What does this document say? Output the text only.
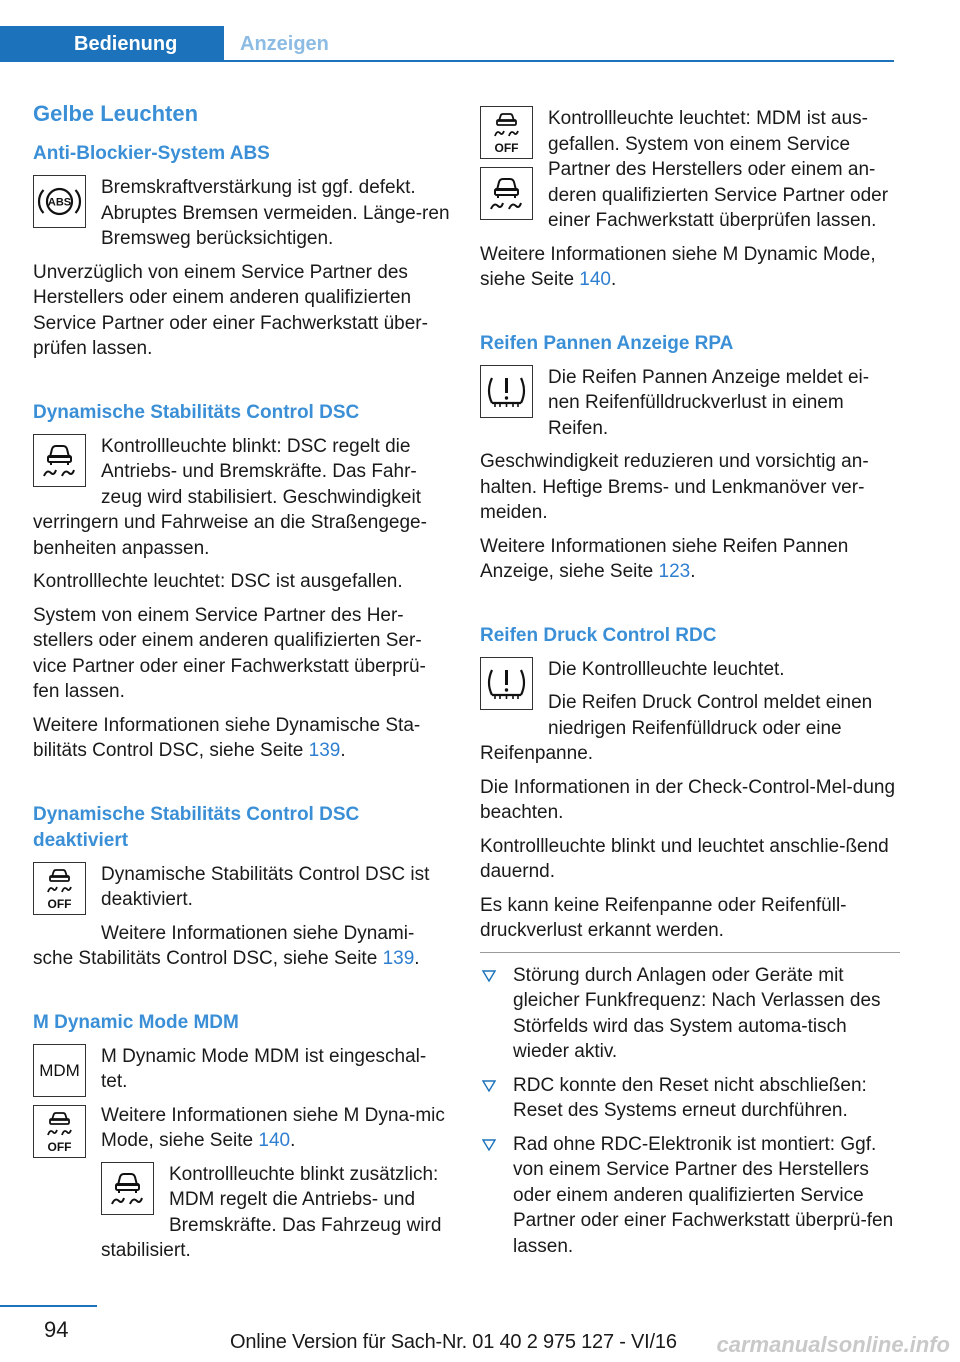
Bedienung	Anzeigen
Gelbe Leuchten
Anti-Blockier-System ABS
ABS

Bremskraftverstärkung ist ggf. defekt. Abruptes Bremsen vermeiden. Länge-ren Bremsweg berücksichtigen.

Unverzüglich von einem Service Partner des Herstellers oder einem anderen qualifizierten Service Partner oder einer Fachwerkstatt über-prüfen lassen.

Dynamische Stabilitäts Control DSC

Kontrollleuchte blinkt: DSC regelt die Antriebs- und Bremskräfte. Das Fahr-zeug wird stabilisiert. Geschwindigkeit verringern und Fahrweise an die Straßengege-benheiten anpassen.

Kontrolllechte leuchtet: DSC ist ausgefallen.

System von einem Service Partner des Her-stellers oder einem anderen qualifizierten Ser-vice Partner oder einer Fachwerkstatt überprü-fen lassen.

Weitere Informationen siehe Dynamische Sta-bilitäts Control DSC, siehe Seite 139.

Dynamische Stabilitäts Control DSC deaktiviert
OFF

Dynamische Stabilitäts Control DSC ist deaktiviert.

Weitere Informationen siehe Dynami-sche Stabilitäts Control DSC, siehe Seite 139.

M Dynamic Mode MDM
MDM
OFF

M Dynamic Mode MDM ist eingeschal-tet.

Weitere Informationen siehe M Dyna-mic Mode, siehe Seite 140.

Kontrollleuchte blinkt zusätzlich: MDM regelt die Antriebs- und Bremskräfte. Das Fahrzeug wird stabilisiert.

OFF

Kontrollleuchte leuchtet: MDM ist aus-gefallen. System von einem Service Partner des Herstellers oder einem an-deren qualifizierten Service Partner oder einer Fachwerkstatt überprüfen lassen.

Weitere Informationen siehe M Dynamic Mode, siehe Seite 140.

Reifen Pannen Anzeige RPA

Die Reifen Pannen Anzeige meldet ei-nen Reifenfülldruckverlust in einem Reifen.

Geschwindigkeit reduzieren und vorsichtig an-halten. Heftige Brems- und Lenkmanöver ver-meiden.

Weitere Informationen siehe Reifen Pannen Anzeige, siehe Seite 123.

Reifen Druck Control RDC

Die Kontrollleuchte leuchtet.

Die Reifen Druck Control meldet einen niedrigen Reifenfülldruck oder eine Reifenpanne.

Die Informationen in der Check-Control-Mel-dung beachten.

Kontrollleuchte blinkt und leuchtet anschlie-ßend dauernd.

Es kann keine Reifenpanne oder Reifenfüll-druckverlust erkannt werden.

Störung durch Anlagen oder Geräte mit gleicher Funkfrequenz: Nach Verlassen des Störfelds wird das System automa-tisch wieder aktiv.
RDC konnte den Reset nicht abschließen: Reset des Systems erneut durchführen.
Rad ohne RDC-Elektronik ist montiert: Ggf. von einem Service Partner des Herstellers oder einem anderen qualifizierten Service Partner oder einer Fachwerkstatt überprü-fen lassen.
94	Online Version für Sach-Nr. 01 40 2 975 127 - VI/16 carmanualsonline.info
